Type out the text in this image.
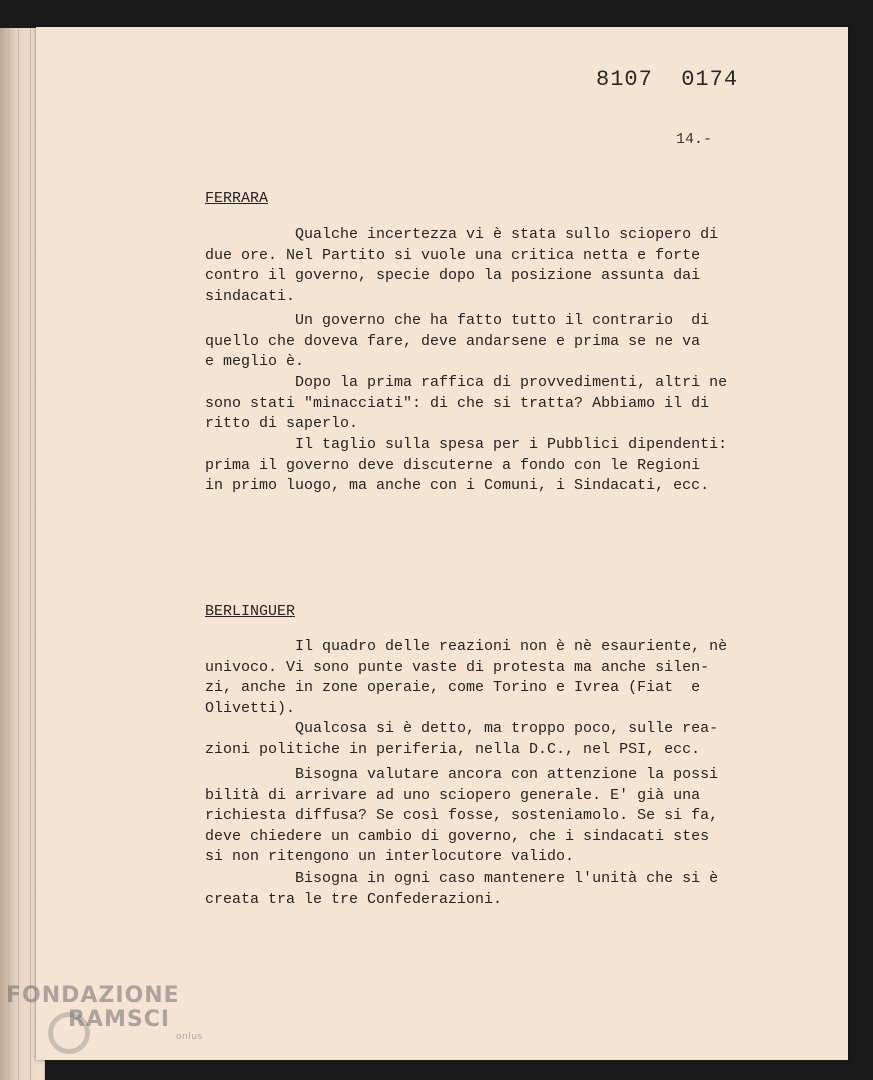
8107  0174
14.-
FERRARA
Qualche incertezza vi è stata sullo sciopero di
due ore. Nel Partito si vuole una critica netta e forte
contro il governo, specie dopo la posizione assunta dai
sindacati.
Un governo che ha fatto tutto il contrario  di
quello che doveva fare, deve andarsene e prima se ne va
e meglio è.
Dopo la prima raffica di provvedimenti, altri ne
sono stati "minacciati": di che si tratta? Abbiamo il di
ritto di saperlo.
Il taglio sulla spesa per i Pubblici dipendenti:
prima il governo deve discuterne a fondo con le Regioni
in primo luogo, ma anche con i Comuni, i Sindacati, ecc.
BERLINGUER
Il quadro delle reazioni non è nè esauriente, nè
univoco. Vi sono punte vaste di protesta ma anche silen-
zi, anche in zone operaie, come Torino e Ivrea (Fiat  e
Olivetti).
Qualcosa si è detto, ma troppo poco, sulle rea-
zioni politiche in periferia, nella D.C., nel PSI, ecc.
Bisogna valutare ancora con attenzione la possi
bilità di arrivare ad uno sciopero generale. E' già una
richiesta diffusa? Se così fosse, sosteniamolo. Se si fa,
deve chiedere un cambio di governo, che i sindacati stes
si non ritengono un interlocutore valido.
Bisogna in ogni caso mantenere l'unità che si è
creata tra le tre Confederazioni.
FONDAZIONE
RAMSCI
onlus
